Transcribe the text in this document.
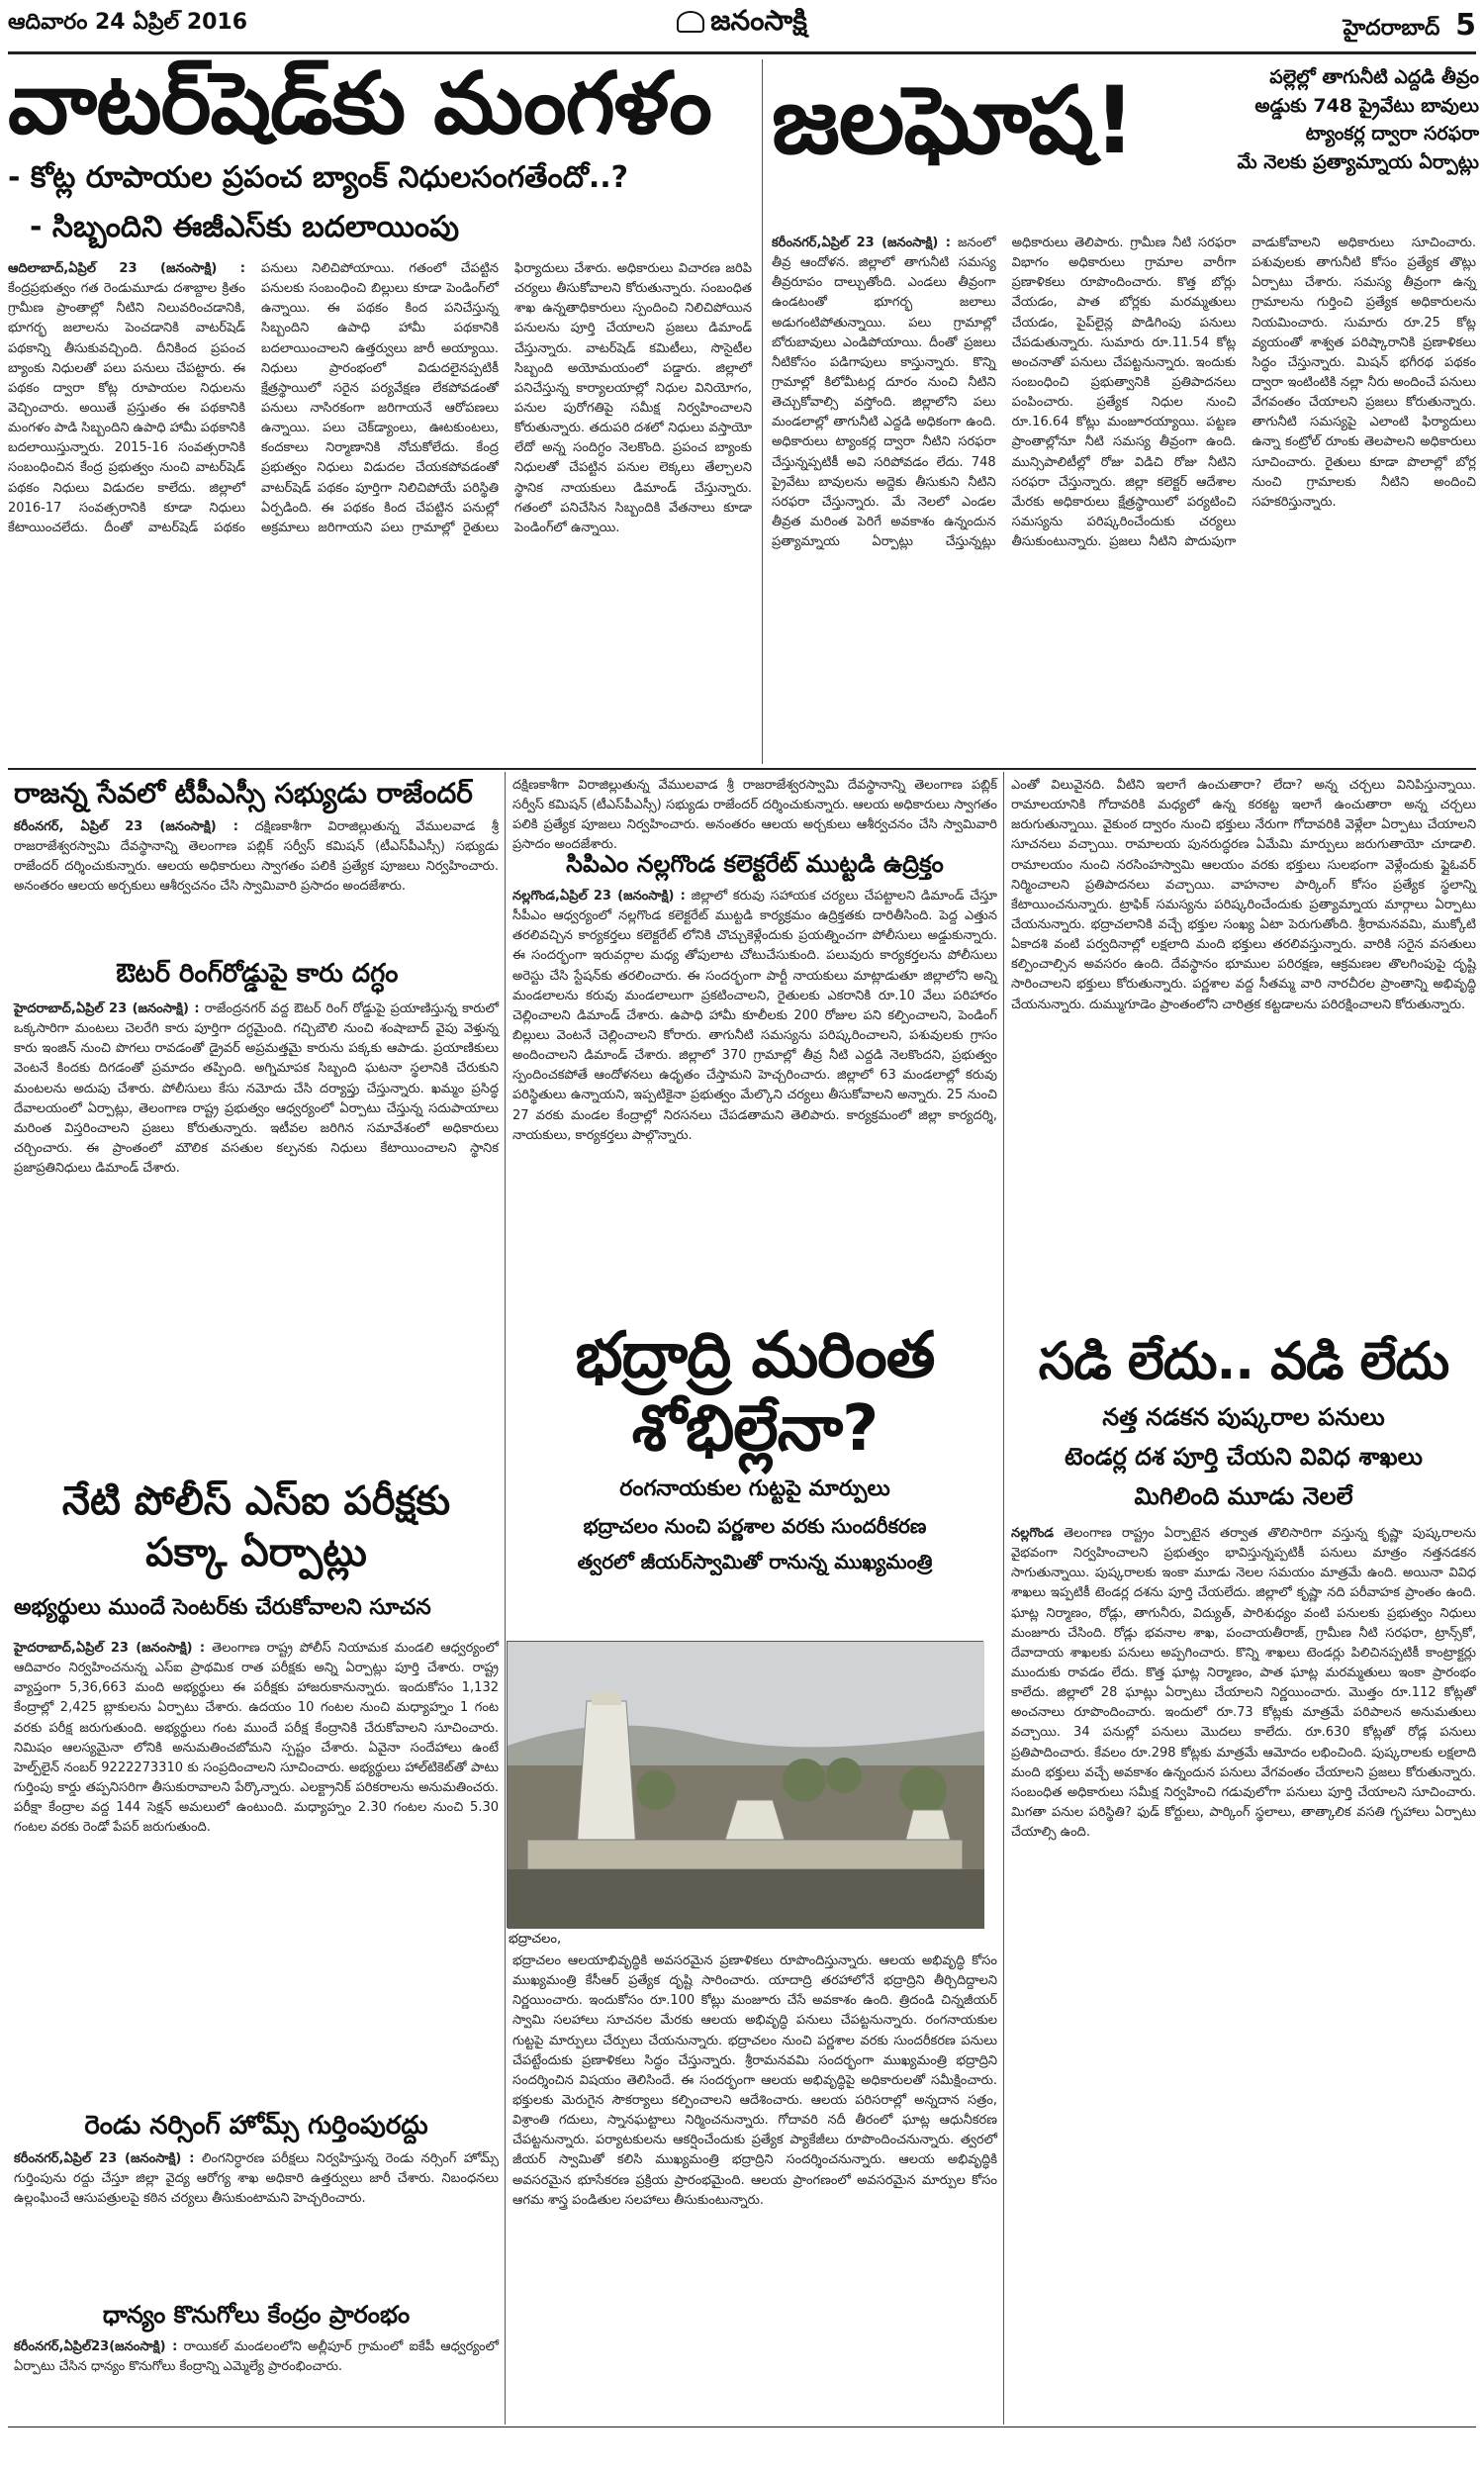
ఆదివారం 24 ఏప్రిల్ 2016	జనంసాక్షి	హైదరాబాద్ 5
వాటర్‌షెడ్‌కు మంగళం
- కోట్ల రూపాయల ప్రపంచ బ్యాంక్ నిధులసంగతేందో..?
- సిబ్బందిని ఈజీఎస్‌కు బదలాయింపు
ఆదిలాబాద్,ఏప్రిల్ 23 (జనంసాక్షి) : కేంద్రప్రభుత్వం గత రెండుమూడు దశాబ్దాల క్రితం గ్రామీణ ప్రాంతాల్లో నీటిని నిలువరించడానికి, భూగర్భ జలాలను పెంచడానికి వాటర్‌షెడ్ పథకాన్ని తీసుకువచ్చింది. దీనికింద ప్రపంచ బ్యాంకు నిధులతో పలు పనులు చేపట్టారు. ఈ పథకం ద్వారా కోట్ల రూపాయల నిధులను వెచ్చించారు. అయితే ప్రస్తుతం ఈ పథకానికి మంగళం పాడి సిబ్బందిని ఉపాధి హామీ పథకానికి బదలాయిస్తున్నారు. 2015-16 సంవత్సరానికి సంబంధించిన కేంద్ర ప్రభుత్వం నుంచి వాటర్‌షెడ్ పథకం నిధులు విడుదల కాలేదు. జిల్లాలో 2016-17 సంవత్సరానికి కూడా నిధులు కేటాయించలేదు. దీంతో వాటర్‌షెడ్ పథకం పనులు నిలిచిపోయాయి. గతంలో చేపట్టిన పనులకు సంబంధించి బిల్లులు కూడా పెండింగ్‌లో ఉన్నాయి. ఈ పథకం కింద పనిచేస్తున్న సిబ్బందిని ఉపాధి హామీ పథకానికి బదలాయించాలని ఉత్తర్వులు జారీ అయ్యాయి. నిధులు ప్రారంభంలో విడుదలైనప్పటికీ క్షేత్రస్థాయిలో సరైన పర్యవేక్షణ లేకపోవడంతో పనులు నాసిరకంగా జరిగాయనే ఆరోపణలు ఉన్నాయి. పలు చెక్‌డ్యాంలు, ఊటకుంటలు, కందకాలు నిర్మాణానికి నోచుకోలేదు. కేంద్ర ప్రభుత్వం నిధులు విడుదల చేయకపోవడంతో వాటర్‌షెడ్ పథకం పూర్తిగా నిలిచిపోయే పరిస్థితి ఏర్పడింది. ఈ పథకం కింద చేపట్టిన పనుల్లో అక్రమాలు జరిగాయని పలు గ్రామాల్లో రైతులు ఫిర్యాదులు చేశారు. అధికారులు విచారణ జరిపి చర్యలు తీసుకోవాలని కోరుతున్నారు. సంబంధిత శాఖ ఉన్నతాధికారులు స్పందించి నిలిచిపోయిన పనులను పూర్తి చేయాలని ప్రజలు డిమాండ్ చేస్తున్నారు. వాటర్‌షెడ్ కమిటీలు, సొసైటీల సిబ్బంది అయోమయంలో పడ్డారు. జిల్లాలో పనిచేస్తున్న కార్యాలయాల్లో నిధుల వినియోగం, పనుల పురోగతిపై సమీక్ష నిర్వహించాలని కోరుతున్నారు. తదుపరి దశలో నిధులు వస్తాయో లేదో అన్న సందిగ్ధం నెలకొంది. ప్రపంచ బ్యాంకు నిధులతో చేపట్టిన పనుల లెక్కలు తేల్చాలని స్థానిక నాయకులు డిమాండ్ చేస్తున్నారు. గతంలో పనిచేసిన సిబ్బందికి వేతనాలు కూడా పెండింగ్‌లో ఉన్నాయి.
జలఘోష!	పల్లెల్లో తాగునీటి ఎద్దడి తీవ్రం
అడ్డుకు 748 ప్రైవేటు బావులు
ట్యాంకర్ల ద్వారా సరఫరా
మే నెలకు ప్రత్యామ్నాయ ఏర్పాట్లు
కరీంనగర్,ఏప్రిల్ 23 (జనంసాక్షి) : జనంలో తీవ్ర ఆందోళన. జిల్లాలో తాగునీటి సమస్య తీవ్రరూపం దాల్చుతోంది. ఎండలు తీవ్రంగా ఉండటంతో భూగర్భ జలాలు అడుగంటిపోతున్నాయి. పలు గ్రామాల్లో బోరుబావులు ఎండిపోయాయి. దీంతో ప్రజలు నీటికోసం పడిగాపులు కాస్తున్నారు. కొన్ని గ్రామాల్లో కిలోమీటర్ల దూరం నుంచి నీటిని తెచ్చుకోవాల్సి వస్తోంది. జిల్లాలోని పలు మండలాల్లో తాగునీటి ఎద్దడి అధికంగా ఉంది. అధికారులు ట్యాంకర్ల ద్వారా నీటిని సరఫరా చేస్తున్నప్పటికీ అవి సరిపోవడం లేదు. 748 ప్రైవేటు బావులను అద్దెకు తీసుకుని నీటిని సరఫరా చేస్తున్నారు. మే నెలలో ఎండల తీవ్రత మరింత పెరిగే అవకాశం ఉన్నందున ప్రత్యామ్నాయ ఏర్పాట్లు చేస్తున్నట్లు అధికారులు తెలిపారు. గ్రామీణ నీటి సరఫరా విభాగం అధికారులు గ్రామాల వారీగా ప్రణాళికలు రూపొందించారు. కొత్త బోర్లు వేయడం, పాత బోర్లకు మరమ్మతులు చేయడం, పైప్‌లైన్ల పొడిగింపు పనులు చేపడుతున్నారు. సుమారు రూ.11.54 కోట్ల అంచనాతో పనులు చేపట్టనున్నారు. ఇందుకు సంబంధించి ప్రభుత్వానికి ప్రతిపాదనలు పంపించారు. ప్రత్యేక నిధుల నుంచి రూ.16.64 కోట్లు మంజూరయ్యాయి. పట్టణ ప్రాంతాల్లోనూ నీటి సమస్య తీవ్రంగా ఉంది. మున్సిపాలిటీల్లో రోజు విడిచి రోజు నీటిని సరఫరా చేస్తున్నారు. జిల్లా కలెక్టర్ ఆదేశాల మేరకు అధికారులు క్షేత్రస్థాయిలో పర్యటించి సమస్యను పరిష్కరించేందుకు చర్యలు తీసుకుంటున్నారు. ప్రజలు నీటిని పొదుపుగా వాడుకోవాలని అధికారులు సూచించారు. పశువులకు తాగునీటి కోసం ప్రత్యేక తొట్లు ఏర్పాటు చేశారు. సమస్య తీవ్రంగా ఉన్న గ్రామాలను గుర్తించి ప్రత్యేక అధికారులను నియమించారు. సుమారు రూ.25 కోట్ల వ్యయంతో శాశ్వత పరిష్కారానికి ప్రణాళికలు సిద్ధం చేస్తున్నారు. మిషన్ భగీరథ పథకం ద్వారా ఇంటింటికి నల్లా నీరు అందించే పనులు వేగవంతం చేయాలని ప్రజలు కోరుతున్నారు. తాగునీటి సమస్యపై ఎలాంటి ఫిర్యాదులు ఉన్నా కంట్రోల్ రూంకు తెలపాలని అధికారులు సూచించారు. రైతులు కూడా పొలాల్లో బోర్ల నుంచి గ్రామాలకు నీటిని అందించి సహకరిస్తున్నారు.
రాజన్న సేవలో టీపీఎస్సీ సభ్యుడు రాజేందర్
కరీంనగర్, ఏప్రిల్ 23 (జనంసాక్షి) : దక్షిణకాశీగా విరాజిల్లుతున్న వేములవాడ శ్రీ రాజరాజేశ్వరస్వామి దేవస్థానాన్ని తెలంగాణ పబ్లిక్ సర్వీస్ కమిషన్ (టీఎస్‌పీఎస్సీ) సభ్యుడు రాజేందర్ దర్శించుకున్నారు. ఆలయ అధికారులు స్వాగతం పలికి ప్రత్యేక పూజలు నిర్వహించారు. అనంతరం ఆలయ అర్చకులు ఆశీర్వచనం చేసి స్వామివారి ప్రసాదం అందజేశారు.
ఔటర్ రింగ్‌రోడ్డుపై కారు దగ్ధం
హైదరాబాద్,ఏప్రిల్ 23 (జనంసాక్షి) : రాజేంద్రనగర్ వద్ద ఔటర్ రింగ్ రోడ్డుపై ప్రయాణిస్తున్న కారులో ఒక్కసారిగా మంటలు చెలరేగి కారు పూర్తిగా దగ్ధమైంది. గచ్చిబౌలి నుంచి శంషాబాద్ వైపు వెళ్తున్న కారు ఇంజిన్ నుంచి పొగలు రావడంతో డ్రైవర్ అప్రమత్తమై కారును పక్కకు ఆపాడు. ప్రయాణికులు వెంటనే కిందకు దిగడంతో ప్రమాదం తప్పింది. అగ్నిమాపక సిబ్బంది ఘటనా స్థలానికి చేరుకుని మంటలను అదుపు చేశారు. పోలీసులు కేసు నమోదు చేసి దర్యాప్తు చేస్తున్నారు. ఖమ్మం ప్రసిద్ధ దేవాలయంలో ఏర్పాట్లు, తెలంగాణ రాష్ట్ర ప్రభుత్వం ఆధ్వర్యంలో ఏర్పాటు చేస్తున్న సదుపాయాలు మరింత విస్తరించాలని ప్రజలు కోరుతున్నారు. ఇటీవల జరిగిన సమావేశంలో అధికారులు చర్చించారు. ఈ ప్రాంతంలో మౌలిక వసతుల కల్పనకు నిధులు కేటాయించాలని స్థానిక ప్రజాప్రతినిధులు డిమాండ్ చేశారు.
నేటి పోలీస్ ఎస్ఐ పరీక్షకు
పక్కా ఏర్పాట్లు
అభ్యర్థులు ముందే సెంటర్‌కు చేరుకోవాలని సూచన
హైదరాబాద్,ఏప్రిల్ 23 (జనంసాక్షి) : తెలంగాణ రాష్ట్ర పోలీస్ నియామక మండలి ఆధ్వర్యంలో ఆదివారం నిర్వహించనున్న ఎస్ఐ ప్రాథమిక రాత పరీక్షకు అన్ని ఏర్పాట్లు పూర్తి చేశారు. రాష్ట్ర వ్యాప్తంగా 5,36,663 మంది అభ్యర్థులు ఈ పరీక్షకు హాజరుకానున్నారు. ఇందుకోసం 1,132 కేంద్రాల్లో 2,425 బ్లాకులను ఏర్పాటు చేశారు. ఉదయం 10 గంటల నుంచి మధ్యాహ్నం 1 గంట వరకు పరీక్ష జరుగుతుంది. అభ్యర్థులు గంట ముందే పరీక్ష కేంద్రానికి చేరుకోవాలని సూచించారు. నిమిషం ఆలస్యమైనా లోనికి అనుమతించబోమని స్పష్టం చేశారు. ఏవైనా సందేహాలు ఉంటే హెల్ప్‌లైన్ నంబర్ 9222273310 కు సంప్రదించాలని సూచించారు. అభ్యర్థులు హాల్‌టికెట్‌తో పాటు గుర్తింపు కార్డు తప్పనిసరిగా తీసుకురావాలని పేర్కొన్నారు. ఎలక్ట్రానిక్ పరికరాలను అనుమతించరు. పరీక్షా కేంద్రాల వద్ద 144 సెక్షన్ అమలులో ఉంటుంది. మధ్యాహ్నం 2.30 గంటల నుంచి 5.30 గంటల వరకు రెండో పేపర్ జరుగుతుంది.
రెండు నర్సింగ్ హోమ్స్ గుర్తింపురద్దు
కరీంనగర్,ఏప్రిల్ 23 (జనంసాక్షి) : లింగనిర్ధారణ పరీక్షలు నిర్వహిస్తున్న రెండు నర్సింగ్ హోమ్స్ గుర్తింపును రద్దు చేస్తూ జిల్లా వైద్య ఆరోగ్య శాఖ అధికారి ఉత్తర్వులు జారీ చేశారు. నిబంధనలు ఉల్లంఘించే ఆసుపత్రులపై కఠిన చర్యలు తీసుకుంటామని హెచ్చరించారు.
ధాన్యం కొనుగోలు కేంద్రం ప్రారంభం
కరీంనగర్,ఏప్రిల్23(జనంసాక్షి) : రాయికల్ మండలంలోని అల్లీపూర్ గ్రామంలో ఐకేపీ ఆధ్వర్యంలో ఏర్పాటు చేసిన ధాన్యం కొనుగోలు కేంద్రాన్ని ఎమ్మెల్యే ప్రారంభించారు.
దక్షిణకాశీగా విరాజిల్లుతున్న వేములవాడ శ్రీ రాజరాజేశ్వరస్వామి దేవస్థానాన్ని తెలంగాణ పబ్లిక్ సర్వీస్ కమిషన్ (టీఎస్‌పీఎస్సీ) సభ్యుడు రాజేందర్ దర్శించుకున్నారు. ఆలయ అధికారులు స్వాగతం పలికి ప్రత్యేక పూజలు నిర్వహించారు. అనంతరం ఆలయ అర్చకులు ఆశీర్వచనం చేసి స్వామివారి ప్రసాదం అందజేశారు.
సిపిఎం నల్లగొండ కలెక్టరేట్ ముట్టడి ఉద్రిక్తం
నల్లగొండ,ఏప్రిల్ 23 (జనంసాక్షి) : జిల్లాలో కరువు సహాయక చర్యలు చేపట్టాలని డిమాండ్ చేస్తూ సీపీఎం ఆధ్వర్యంలో నల్లగొండ కలెక్టరేట్ ముట్టడి కార్యక్రమం ఉద్రిక్తతకు దారితీసింది. పెద్ద ఎత్తున తరలివచ్చిన కార్యకర్తలు కలెక్టరేట్ లోనికి చొచ్చుకెళ్లేందుకు ప్రయత్నించగా పోలీసులు అడ్డుకున్నారు. ఈ సందర్భంగా ఇరువర్గాల మధ్య తోపులాట చోటుచేసుకుంది. పలువురు కార్యకర్తలను పోలీసులు అరెస్టు చేసి స్టేషన్‌కు తరలించారు. ఈ సందర్భంగా పార్టీ నాయకులు మాట్లాడుతూ జిల్లాలోని అన్ని మండలాలను కరువు మండలాలుగా ప్రకటించాలని, రైతులకు ఎకరానికి రూ.10 వేలు పరిహారం చెల్లించాలని డిమాండ్ చేశారు. ఉపాధి హామీ కూలీలకు 200 రోజుల పని కల్పించాలని, పెండింగ్ బిల్లులు వెంటనే చెల్లించాలని కోరారు. తాగునీటి సమస్యను పరిష్కరించాలని, పశువులకు గ్రాసం అందించాలని డిమాండ్ చేశారు. జిల్లాలో 370 గ్రామాల్లో తీవ్ర నీటి ఎద్దడి నెలకొందని, ప్రభుత్వం స్పందించకపోతే ఆందోళనలు ఉధృతం చేస్తామని హెచ్చరించారు. జిల్లాలో 63 మండలాల్లో కరువు పరిస్థితులు ఉన్నాయని, ఇప్పటికైనా ప్రభుత్వం మేల్కొని చర్యలు తీసుకోవాలని అన్నారు. 25 నుంచి 27 వరకు మండల కేంద్రాల్లో నిరసనలు చేపడతామని తెలిపారు. కార్యక్రమంలో జిల్లా కార్యదర్శి, నాయకులు, కార్యకర్తలు పాల్గొన్నారు.
ఎంతో విలువైనది. వీటిని ఇలాగే ఉంచుతారా? లేదా? అన్న చర్చలు వినిపిస్తున్నాయి. రామాలయానికి గోదావరికి మధ్యలో ఉన్న కరకట్ట ఇలాగే ఉంచుతారా అన్న చర్చలు జరుగుతున్నాయి. వైకుంఠ ద్వారం నుంచి భక్తులు నేరుగా గోదావరికి వెళ్లేలా ఏర్పాటు చేయాలని సూచనలు వచ్చాయి. రామాలయ పునరుద్ధరణ ఏమేమి మార్పులు జరుగుతాయో చూడాలి. రామాలయం నుంచి నరసింహస్వామి ఆలయం వరకు భక్తులు సులభంగా వెళ్లేందుకు ఫ్లైఓవర్ నిర్మించాలని ప్రతిపాదనలు వచ్చాయి. వాహనాల పార్కింగ్ కోసం ప్రత్యేక స్థలాన్ని కేటాయించనున్నారు. ట్రాఫిక్ సమస్యను పరిష్కరించేందుకు ప్రత్యామ్నాయ మార్గాలు ఏర్పాటు చేయనున్నారు. భద్రాచలానికి వచ్చే భక్తుల సంఖ్య ఏటా పెరుగుతోంది. శ్రీరామనవమి, ముక్కోటి ఏకాదశి వంటి పర్వదినాల్లో లక్షలాది మంది భక్తులు తరలివస్తున్నారు. వారికి సరైన వసతులు కల్పించాల్సిన అవసరం ఉంది. దేవస్థానం భూముల పరిరక్షణ, ఆక్రమణల తొలగింపుపై దృష్టి సారించాలని భక్తులు కోరుతున్నారు. పర్ణశాల వద్ద సీతమ్మ వారి నారచీరల ప్రాంతాన్ని అభివృద్ధి చేయనున్నారు. దుమ్ముగూడెం ప్రాంతంలోని చారిత్రక కట్టడాలను పరిరక్షించాలని కోరుతున్నారు.
భద్రాద్రి మరింత
శోభిల్లేనా?
రంగనాయకుల గుట్టపై మార్పులు
భద్రాచలం నుంచి పర్ణశాల వరకు సుందరీకరణ
త్వరలో జీయర్‌స్వామితో రానున్న ముఖ్యమంత్రి
భద్రాచలం,
భద్రాచలం ఆలయాభివృద్ధికి అవసరమైన ప్రణాళికలు రూపొందిస్తున్నారు. ఆలయ అభివృద్ధి కోసం ముఖ్యమంత్రి కేసీఆర్ ప్రత్యేక దృష్టి సారించారు. యాదాద్రి తరహాలోనే భద్రాద్రిని తీర్చిదిద్దాలని నిర్ణయించారు. ఇందుకోసం రూ.100 కోట్లు మంజూరు చేసే అవకాశం ఉంది. త్రిదండి చిన్నజీయర్ స్వామి సలహాలు సూచనల మేరకు ఆలయ అభివృద్ధి పనులు చేపట్టనున్నారు. రంగనాయకుల గుట్టపై మార్పులు చేర్పులు చేయనున్నారు. భద్రాచలం నుంచి పర్ణశాల వరకు సుందరీకరణ పనులు చేపట్టేందుకు ప్రణాళికలు సిద్ధం చేస్తున్నారు. శ్రీరామనవమి సందర్భంగా ముఖ్యమంత్రి భద్రాద్రిని సందర్శించిన విషయం తెలిసిందే. ఈ సందర్భంగా ఆలయ అభివృద్ధిపై అధికారులతో సమీక్షించారు. భక్తులకు మెరుగైన సౌకర్యాలు కల్పించాలని ఆదేశించారు. ఆలయ పరిసరాల్లో అన్నదాన సత్రం, విశ్రాంతి గదులు, స్నానఘట్టాలు నిర్మించనున్నారు. గోదావరి నదీ తీరంలో ఘాట్ల ఆధునీకరణ చేపట్టనున్నారు. పర్యాటకులను ఆకర్షించేందుకు ప్రత్యేక ప్యాకేజీలు రూపొందించనున్నారు. త్వరలో జీయర్ స్వామితో కలిసి ముఖ్యమంత్రి భద్రాద్రిని సందర్శించనున్నారు. ఆలయ అభివృద్ధికి అవసరమైన భూసేకరణ ప్రక్రియ ప్రారంభమైంది. ఆలయ ప్రాంగణంలో అవసరమైన మార్పుల కోసం ఆగమ శాస్త్ర పండితుల సలహాలు తీసుకుంటున్నారు.
సడి లేదు.. వడి లేదు
నత్త నడకన పుష్కరాల పనులు
టెండర్ల దశ పూర్తి చేయని వివిధ శాఖలు
మిగిలింది మూడు నెలలే
నల్లగొండ తెలంగాణ రాష్ట్రం ఏర్పాటైన తర్వాత తొలిసారిగా వస్తున్న కృష్ణా పుష్కరాలను వైభవంగా నిర్వహించాలని ప్రభుత్వం భావిస్తున్నప్పటికీ పనులు మాత్రం నత్తనడకన సాగుతున్నాయి. పుష్కరాలకు ఇంకా మూడు నెలల సమయం మాత్రమే ఉంది. అయినా వివిధ శాఖలు ఇప్పటికీ టెండర్ల దశను పూర్తి చేయలేదు. జిల్లాలో కృష్ణా నది పరీవాహక ప్రాంతం ఉంది. ఘాట్ల నిర్మాణం, రోడ్లు, తాగునీరు, విద్యుత్, పారిశుధ్యం వంటి పనులకు ప్రభుత్వం నిధులు మంజూరు చేసింది. రోడ్లు భవనాల శాఖ, పంచాయతీరాజ్, గ్రామీణ నీటి సరఫరా, ట్రాన్స్‌కో, దేవాదాయ శాఖలకు పనులు అప్పగించారు. కొన్ని శాఖలు టెండర్లు పిలిచినప్పటికీ కాంట్రాక్టర్లు ముందుకు రావడం లేదు. కొత్త ఘాట్ల నిర్మాణం, పాత ఘాట్ల మరమ్మతులు ఇంకా ప్రారంభం కాలేదు. జిల్లాలో 28 ఘాట్లు ఏర్పాటు చేయాలని నిర్ణయించారు. మొత్తం రూ.112 కోట్లతో అంచనాలు రూపొందించారు. ఇందులో రూ.73 కోట్లకు మాత్రమే పరిపాలన అనుమతులు వచ్చాయి. 34 పనుల్లో పనులు మొదలు కాలేదు. రూ.630 కోట్లతో రోడ్ల పనులు ప్రతిపాదించారు. కేవలం రూ.298 కోట్లకు మాత్రమే ఆమోదం లభించింది. పుష్కరాలకు లక్షలాది మంది భక్తులు వచ్చే అవకాశం ఉన్నందున పనులు వేగవంతం చేయాలని ప్రజలు కోరుతున్నారు. సంబంధిత అధికారులు సమీక్ష నిర్వహించి గడువులోగా పనులు పూర్తి చేయాలని సూచించారు. మిగతా పనుల పరిస్థితి? ఫుడ్ కోర్టులు, పార్కింగ్ స్థలాలు, తాత్కాలిక వసతి గృహాలు ఏర్పాటు చేయాల్సి ఉంది.
